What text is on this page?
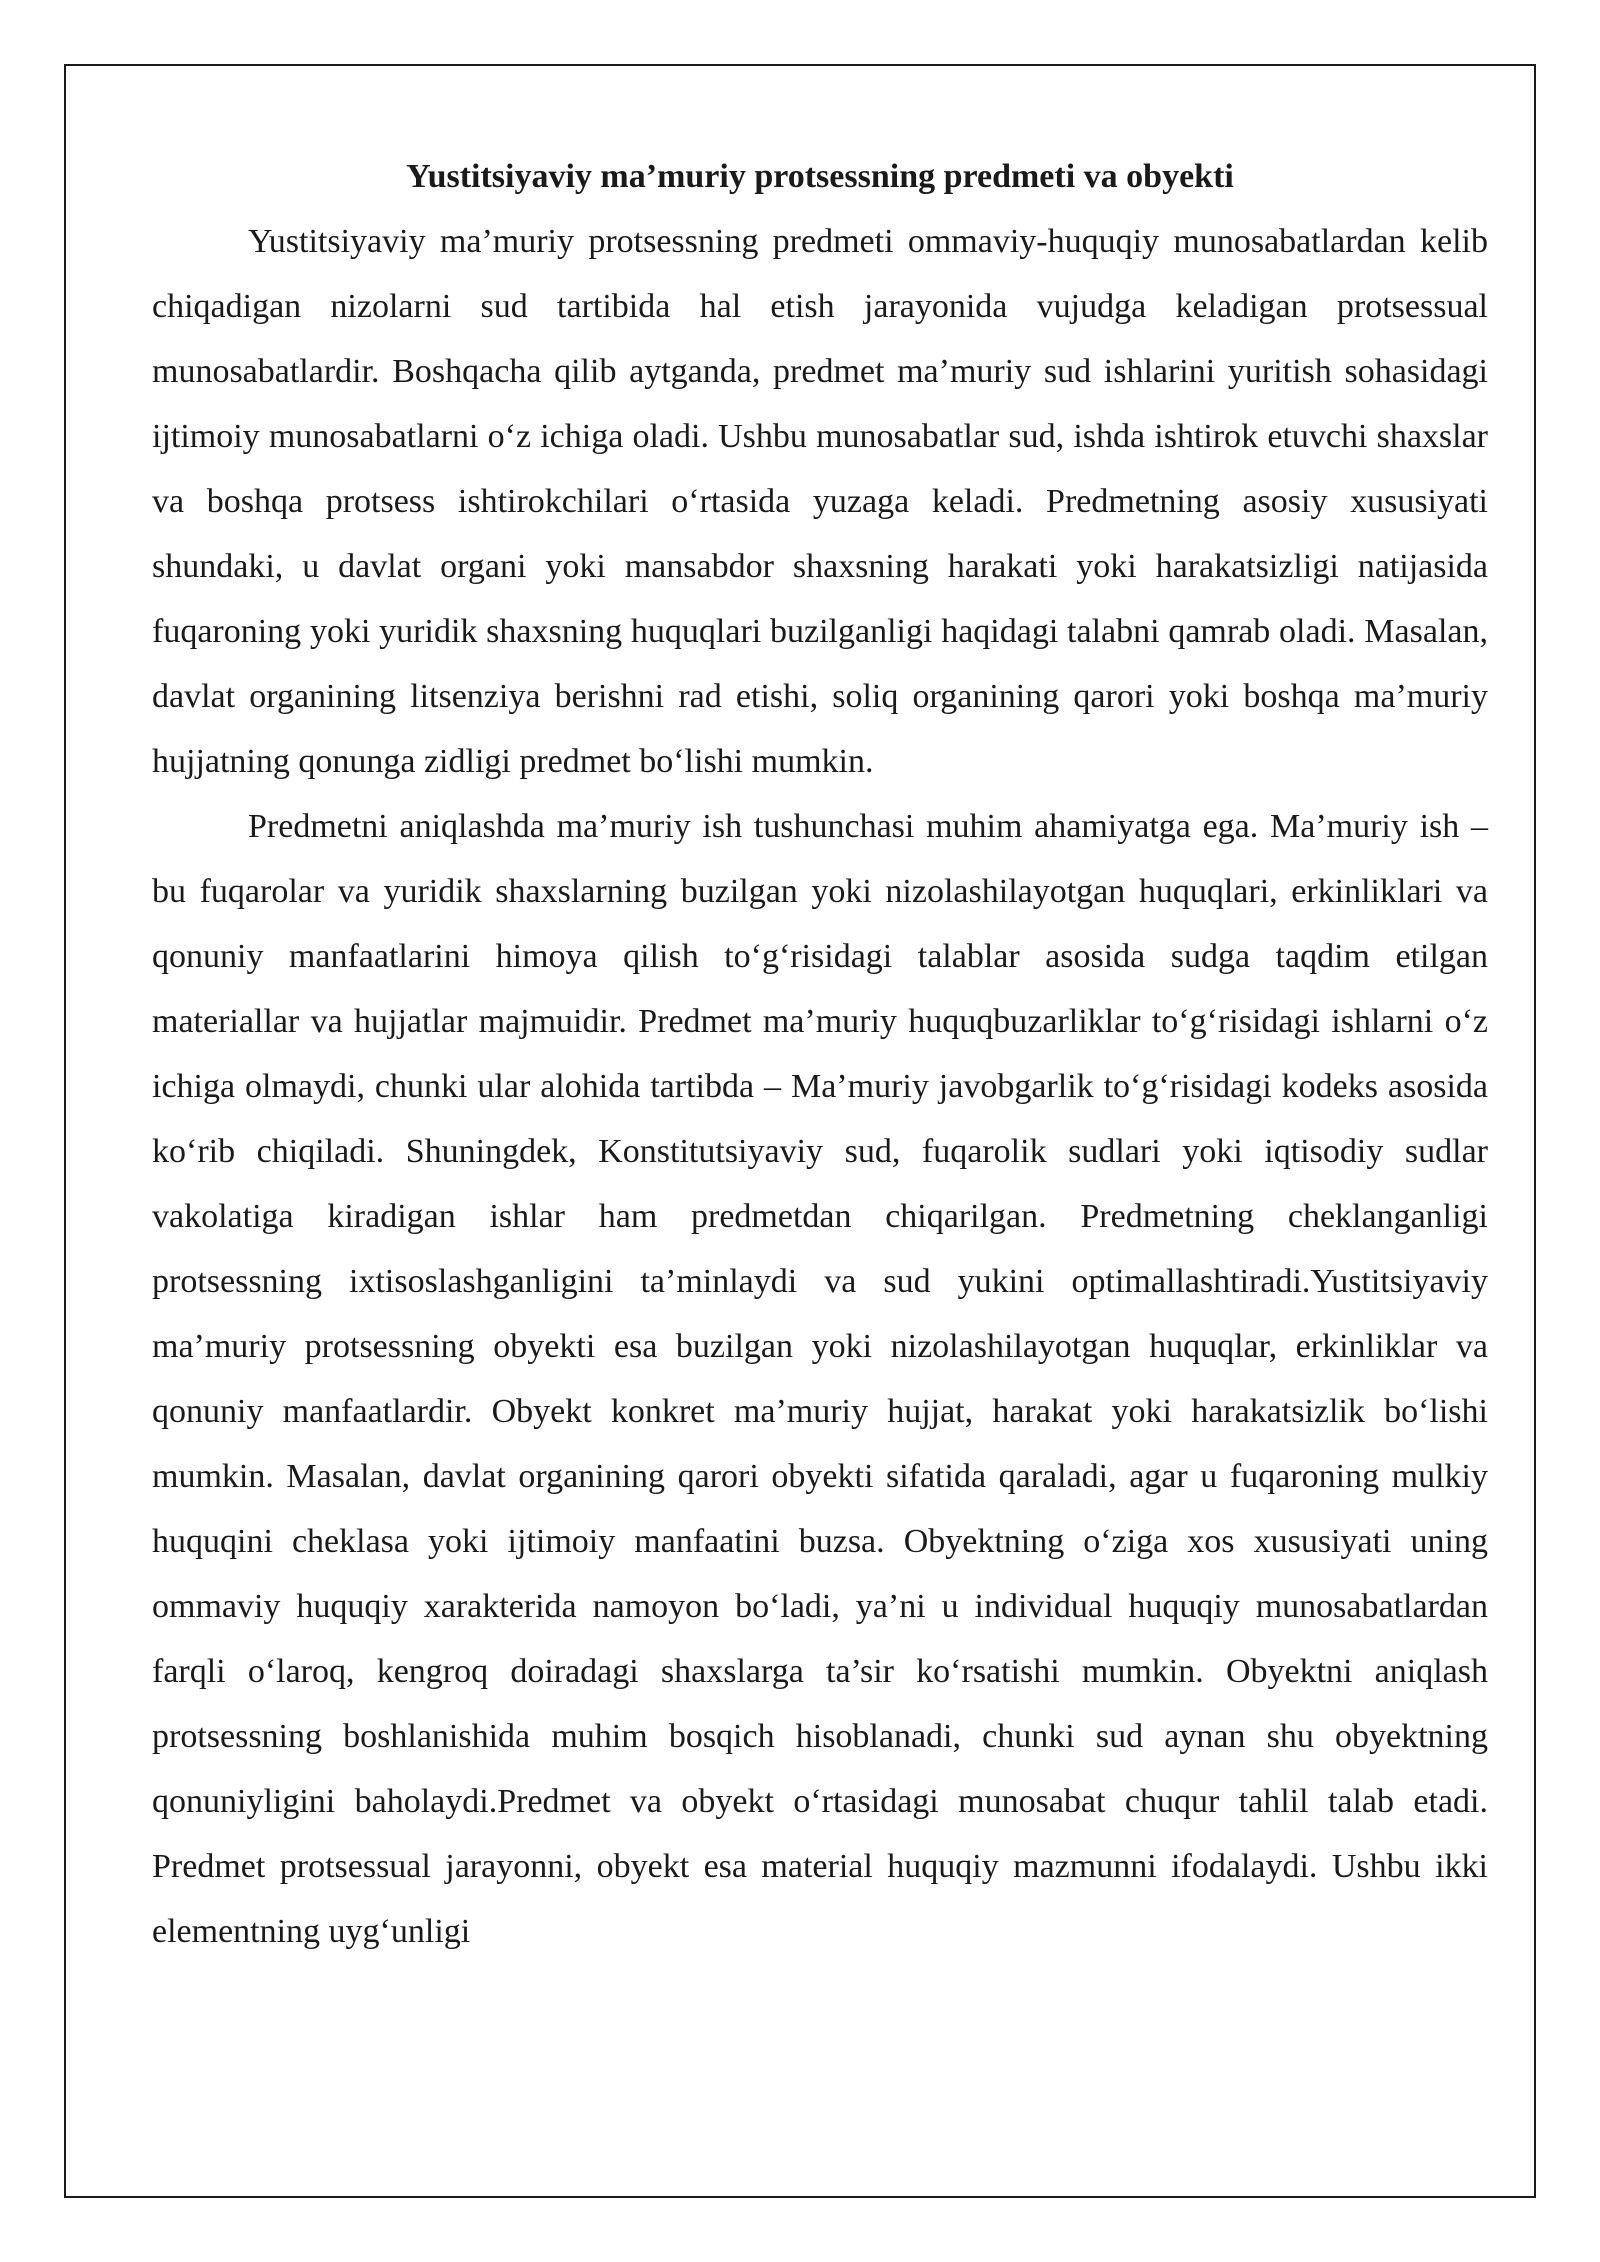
Yustitsiyaviy ma’muriy protsessning predmeti va obyekti

Yustitsiyaviy ma’muriy protsessning predmeti ommaviy-huquqiy munosabatlardan kelib chiqadigan nizolarni sud tartibida hal etish jarayonida vujudga keladigan protsessual munosabatlardir. Boshqacha qilib aytganda, predmet ma’muriy sud ishlarini yuritish sohasidagi ijtimoiy munosabatlarni o‘z ichiga oladi. Ushbu munosabatlar sud, ishda ishtirok etuvchi shaxslar va boshqa protsess ishtirokchilari o‘rtasida yuzaga keladi. Predmetning asosiy xususiyati shundaki, u davlat organi yoki mansabdor shaxsning harakati yoki harakatsizligi natijasida fuqaroning yoki yuridik shaxsning huquqlari buzilganligi haqidagi talabni qamrab oladi. Masalan, davlat organining litsenziya berishni rad etishi, soliq organining qarori yoki boshqa ma’muriy hujjatning qonunga zidligi predmet bo‘lishi mumkin.

Predmetni aniqlashda ma’muriy ish tushunchasi muhim ahamiyatga ega. Ma’muriy ish – bu fuqarolar va yuridik shaxslarning buzilgan yoki nizolashilayotgan huquqlari, erkinliklari va qonuniy manfaatlarini himoya qilish to‘g‘risidagi talablar asosida sudga taqdim etilgan materiallar va hujjatlar majmuidir. Predmet ma’muriy huquqbuzarliklar to‘g‘risidagi ishlarni o‘z ichiga olmaydi, chunki ular alohida tartibda – Ma’muriy javobgarlik to‘g‘risidagi kodeks asosida ko‘rib chiqiladi. Shuningdek, Konstitutsiyaviy sud, fuqarolik sudlari yoki iqtisodiy sudlar vakolatiga kiradigan ishlar ham predmetdan chiqarilgan. Predmetning cheklanganligi protsessning ixtisoslashganligini ta’minlaydi va sud yukini optimallashtiradi.Yustitsiyaviy ma’muriy protsessning obyekti esa buzilgan yoki nizolashilayotgan huquqlar, erkinliklar va qonuniy manfaatlardir. Obyekt konkret ma’muriy hujjat, harakat yoki harakatsizlik bo‘lishi mumkin. Masalan, davlat organining qarori obyekti sifatida qaraladi, agar u fuqaroning mulkiy huquqini cheklasa yoki ijtimoiy manfaatini buzsa. Obyektning o‘ziga xos xususiyati uning ommaviy huquqiy xarakterida namoyon bo‘ladi, ya’ni u individual huquqiy munosabatlardan farqli o‘laroq, kengroq doiradagi shaxslarga ta’sir ko‘rsatishi mumkin. Obyektni aniqlash protsessning boshlanishida muhim bosqich hisoblanadi, chunki sud aynan shu obyektning qonuniyligini baholaydi.Predmet va obyekt o‘rtasidagi munosabat chuqur tahlil talab etadi. Predmet protsessual jarayonni, obyekt esa material huquqiy mazmunni ifodalaydi. Ushbu ikki elementning uyg‘unligi
